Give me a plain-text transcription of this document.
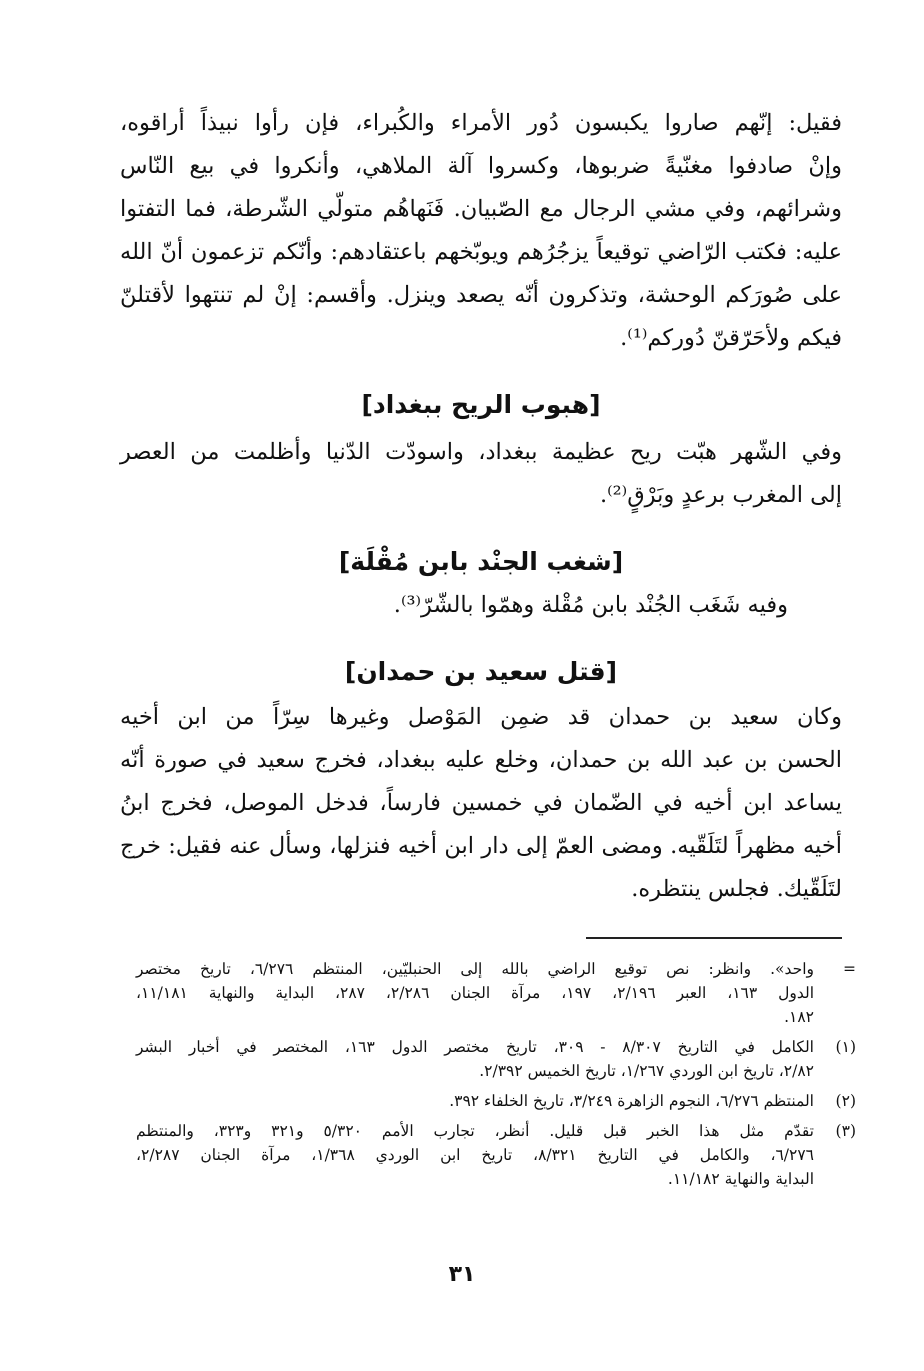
فقيل: إنّهم صاروا يكبسون دُور الأمراء والكُبراء، فإن رأوا نبيذاً أراقوه،
وإنْ صادفوا مغنّيةً ضربوها، وكسروا آلة الملاهي، وأنكروا في بيع النّاس
وشرائهم، وفي مشي الرجال مع الصّبيان. فَنَهاهُم متولّي الشّرطة، فما التفتوا
عليه: فكتب الرّاضي توقيعاً يزجُرُهم ويوبّخهم باعتقادهم: وأنّكم تزعمون أنّ الله
على صُورَكم الوحشة، وتذكرون أنّه يصعد وينزل. وأقسم: إنْ لم تنتهوا لأقتلنّ
فيكم ولأحَرّقنّ دُوركم⁽¹⁾.
[هبوب الريح ببغداد]
وفي الشّهر هبّت ريح عظيمة ببغداد، واسودّت الدّنيا وأظلمت من العصر
إلى المغرب برعدٍ وبَرْقٍ⁽²⁾.
[شغب الجنْد بابن مُقْلَة]
وفيه شَغَب الجُنْد بابن مُقْلة وهمّوا بالشّرّ⁽³⁾.
[قتل سعيد بن حمدان]
وكان سعيد بن حمدان قد ضمِن المَوْصل وغيرها سِرّاً من ابن أخيه
الحسن بن عبد الله بن حمدان، وخلع عليه ببغداد، فخرج سعيد في صورة أنّه
يساعد ابن أخيه في الضّمان في خمسين فارساً، فدخل الموصل، فخرج ابنُ
أخيه مظهراً لتَلَقّيه. ومضى العمّ إلى دار ابن أخيه فنزلها، وسأل عنه فقيل: خرج
لتَلَقّيك. فجلس ينتظره.
=
واحد». وانظر: نص توقيع الراضي بالله إلى الحنبليّين، المنتظم ٦/٢٧٦، تاريخ مختصر
الدول ١٦٣، العبر ٢/١٩٦، ١٩٧، مرآة الجنان ٢/٢٨٦، ٢٨٧، البداية والنهاية ١١/١٨١،
١٨٢.
(١)
الكامل في التاريخ ٨/٣٠٧ - ٣٠٩، تاريخ مختصر الدول ١٦٣، المختصر في أخبار البشر
٢/٨٢، تاريخ ابن الوردي ١/٢٦٧، تاريخ الخميس ٢/٣٩٢.
(٢)
المنتظم ٦/٢٧٦، النجوم الزاهرة ٣/٢٤٩، تاريخ الخلفاء ٣٩٢.
(٣)
تقدّم مثل هذا الخبر قبل قليل. أنظر، تجارب الأمم ٥/٣٢٠ و٣٢١ و٣٢٣، والمنتظم
٦/٢٧٦، والكامل في التاريخ ٨/٣٢١، تاريخ ابن الوردي ١/٣٦٨، مرآة الجنان ٢/٢٨٧،
البداية والنهاية ١١/١٨٢.
٣١
